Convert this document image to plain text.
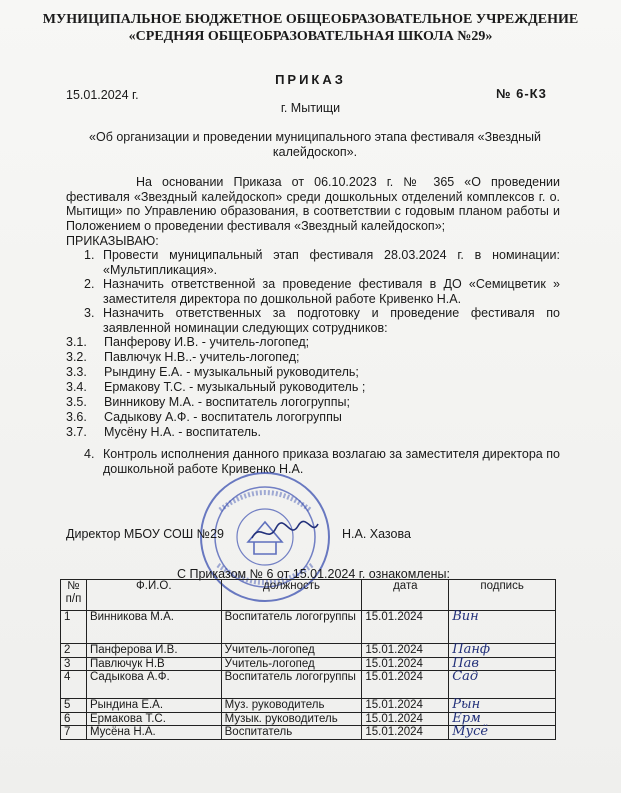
МУНИЦИПАЛЬНОЕ БЮДЖЕТНОЕ ОБЩЕОБРАЗОВАТЕЛЬНОЕ УЧРЕЖДЕНИЕ
«СРЕДНЯЯ ОБЩЕОБРАЗОВАТЕЛЬНАЯ ШКОЛА №29»
ПРИКАЗ
15.01.2024 г.	№ 6-К3
г. Мытищи
«Об организации и проведении муниципального этапа фестиваля «Звездный калейдоскоп».
На основании Приказа от 06.10.2023 г. № 365 «О проведении фестиваля «Звездный калейдоскоп» среди дошкольных отделений комплексов г. о. Мытищи» по Управлению образования, в соответствии с годовым планом работы и Положением о проведении фестиваля «Звездный калейдоскоп»;
ПРИКАЗЫВАЮ:
1. Провести муниципальный этап фестиваля 28.03.2024 г. в номинации: «Мультипликация».
2. Назначить ответственной за проведение фестиваля в ДО «Семицветик » заместителя директора по дошкольной работе Кривенко Н.А.
3. Назначить ответственных за подготовку и проведение фестиваля по заявленной номинации следующих сотрудников:
3.1. Панферову И.В. - учитель-логопед;
3.2. Павлючук Н.В..- учитель-логопед;
3.3. Рындину Е.А. - музыкальный руководитель;
3.4. Ермакову Т.С. - музыкальный руководитель ;
3.5. Винникову М.А. - воспитатель логогруппы;
3.6. Садыкову А.Ф. - воспитатель логогруппы
3.7. Мусёну Н.А. - воспитатель.
4. Контроль исполнения данного приказа возлагаю за заместителя директора по дошкольной работе Кривенко Н.А.
Директор МБОУ СОШ №29	Н.А. Хазова
С Приказом № 6 от 15.01.2024 г. ознакомлены:
№ п/п	Ф.И.О.	должность	дата	подпись
1	Винникова М.А.	Воспитатель логогруппы	15.01.2024	Вин
2	Панферова И.В.	Учитель-логопед	15.01.2024	Панф
3	Павлючук Н.В	Учитель-логопед	15.01.2024	Пав
4	Садыкова А.Ф.	Воспитатель логогруппы	15.01.2024	Сад
5	Рындина Е.А.	Муз. руководитель	15.01.2024	Рын
6	Ермакова Т.С.	Музык. руководитель	15.01.2024	Ерм
7	Мусёна Н.А.	Воспитатель	15.01.2024	Мусё
